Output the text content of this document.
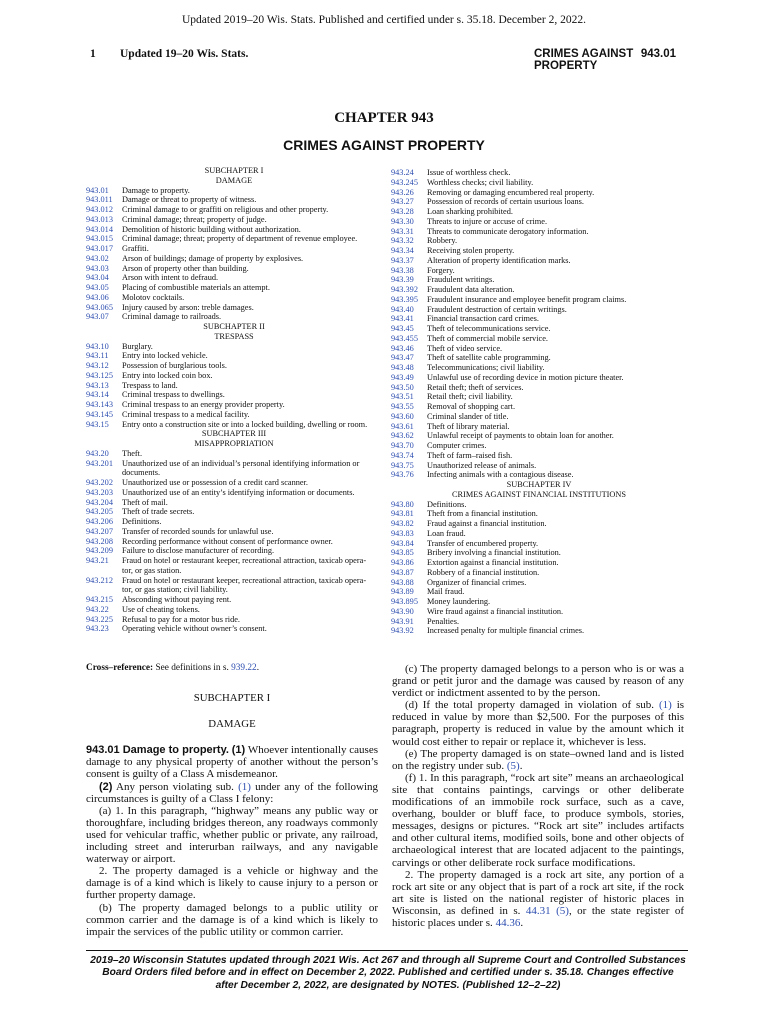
Updated 2019–20 Wis. Stats. Published and certified under s. 35.18. December 2, 2022.
1 Updated 19–20 Wis. Stats.	CRIMES AGAINST PROPERTY
943.01
CHAPTER 943
CRIMES AGAINST PROPERTY
SUBCHAPTER I
DAMAGE
943.01	Damage to property.
943.011	Damage or threat to property of witness.
943.012	Criminal damage to or graffiti on religious and other property.
943.013	Criminal damage; threat; property of judge.
943.014	Demolition of historic building without authorization.
943.015	Criminal damage; threat; property of department of revenue employee.
943.017	Graffiti.
943.02	Arson of buildings; damage of property by explosives.
943.03	Arson of property other than building.
943.04	Arson with intent to defraud.
943.05	Placing of combustible materials an attempt.
943.06	Molotov cocktails.
943.065	Injury caused by arson: treble damages.
943.07	Criminal damage to railroads.
SUBCHAPTER II
TRESPASS
943.10	Burglary.
943.11	Entry into locked vehicle.
943.12	Possession of burglarious tools.
943.125	Entry into locked coin box.
943.13	Trespass to land.
943.14	Criminal trespass to dwellings.
943.143	Criminal trespass to an energy provider property.
943.145	Criminal trespass to a medical facility.
943.15	Entry onto a construction site or into a locked building, dwelling or room.
SUBCHAPTER III
MISAPPROPRIATION
943.20	Theft.
943.201	Unauthorized use of an individual’s personal identifying information or
documents.
943.202	Unauthorized use or possession of a credit card scanner.
943.203	Unauthorized use of an entity’s identifying information or documents.
943.204	Theft of mail.
943.205	Theft of trade secrets.
943.206	Definitions.
943.207	Transfer of recorded sounds for unlawful use.
943.208	Recording performance without consent of performance owner.
943.209	Failure to disclose manufacturer of recording.
943.21	Fraud on hotel or restaurant keeper, recreational attraction, taxicab opera-
tor, or gas station.
943.212	Fraud on hotel or restaurant keeper, recreational attraction, taxicab opera-
tor, or gas station; civil liability.
943.215	Absconding without paying rent.
943.22	Use of cheating tokens.
943.225	Refusal to pay for a motor bus ride.
943.23	Operating vehicle without owner’s consent.
943.24	Issue of worthless check.
943.245	Worthless checks; civil liability.
943.26	Removing or damaging encumbered real property.
943.27	Possession of records of certain usurious loans.
943.28	Loan sharking prohibited.
943.30	Threats to injure or accuse of crime.
943.31	Threats to communicate derogatory information.
943.32	Robbery.
943.34	Receiving stolen property.
943.37	Alteration of property identification marks.
943.38	Forgery.
943.39	Fraudulent writings.
943.392	Fraudulent data alteration.
943.395	Fraudulent insurance and employee benefit program claims.
943.40	Fraudulent destruction of certain writings.
943.41	Financial transaction card crimes.
943.45	Theft of telecommunications service.
943.455	Theft of commercial mobile service.
943.46	Theft of video service.
943.47	Theft of satellite cable programming.
943.48	Telecommunications; civil liability.
943.49	Unlawful use of recording device in motion picture theater.
943.50	Retail theft; theft of services.
943.51	Retail theft; civil liability.
943.55	Removal of shopping cart.
943.60	Criminal slander of title.
943.61	Theft of library material.
943.62	Unlawful receipt of payments to obtain loan for another.
943.70	Computer crimes.
943.74	Theft of farm–raised fish.
943.75	Unauthorized release of animals.
943.76	Infecting animals with a contagious disease.
SUBCHAPTER IV
CRIMES AGAINST FINANCIAL INSTITUTIONS
943.80	Definitions.
943.81	Theft from a financial institution.
943.82	Fraud against a financial institution.
943.83	Loan fraud.
943.84	Transfer of encumbered property.
943.85	Bribery involving a financial institution.
943.86	Extortion against a financial institution.
943.87	Robbery of a financial institution.
943.88	Organizer of financial crimes.
943.89	Mail fraud.
943.895	Money laundering.
943.90	Wire fraud against a financial institution.
943.91	Penalties.
943.92	Increased penalty for multiple financial crimes.

Cross–reference: See definitions in s. 939.22.

SUBCHAPTER I

DAMAGE

943.01 Damage to property. (1) Whoever intentionally causes damage to any physical property of another without the person’s consent is guilty of a Class A misdemeanor.

(2) Any person violating sub. (1) under any of the following circumstances is guilty of a Class I felony:

(a) 1. In this paragraph, “highway” means any public way or thoroughfare, including bridges thereon, any roadways commonly used for vehicular traffic, whether public or private, any railroad, including street and interurban railways, and any navigable waterway or airport.

2. The property damaged is a vehicle or highway and the damage is of a kind which is likely to cause injury to a person or further property damage.

(b) The property damaged belongs to a public utility or common carrier and the damage is of a kind which is likely to impair the services of the public utility or common carrier.

(c) The property damaged belongs to a person who is or was a grand or petit juror and the damage was caused by reason of any verdict or indictment assented to by the person.

(d) If the total property damaged in violation of sub. (1) is reduced in value by more than $2,500. For the purposes of this paragraph, property is reduced in value by the amount which it would cost either to repair or replace it, whichever is less.

(e) The property damaged is on state–owned land and is listed on the registry under sub. (5).

(f) 1. In this paragraph, “rock art site” means an archaeological site that contains paintings, carvings or other deliberate modifications of an immobile rock surface, such as a cave, overhang, boulder or bluff face, to produce symbols, stories, messages, designs or pictures. “Rock art site” includes artifacts and other cultural items, modified soils, bone and other objects of archaeological interest that are located adjacent to the paintings, carvings or other deliberate rock surface modifications.

2. The property damaged is a rock art site, any portion of a rock art site or any object that is part of a rock art site, if the rock art site is listed on the national register of historic places in Wisconsin, as defined in s. 44.31 (5), or the state register of historic places under s. 44.36.

2019–20 Wisconsin Statutes updated through 2021 Wis. Act 267 and through all Supreme Court and Controlled Substances Board Orders filed before and in effect on December 2, 2022. Published and certified under s. 35.18. Changes effective after December 2, 2022, are designated by NOTES. (Published 12–2–22)
